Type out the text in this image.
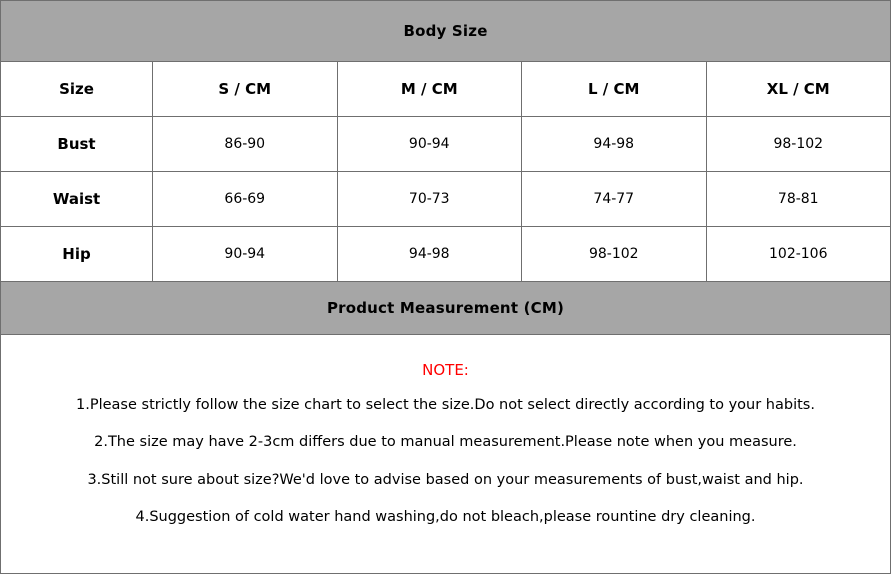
Body Size
Size	S / CM	M / CM	L / CM	XL / CM
Bust	86-90	90-94	94-98	98-102
Waist	66-69	70-73	74-77	78-81
Hip	90-94	94-98	98-102	102-106
Product Measurement (CM)
NOTE:
1.Please strictly follow the size chart to select the size.Do not select directly according to your habits.
2.The size may have 2-3cm differs due to manual measurement.Please note when you measure.
3.Still not sure about size?We'd love to advise based on your measurements of bust,waist and hip.
4.Suggestion of cold water hand washing,do not bleach,please rountine dry cleaning.
